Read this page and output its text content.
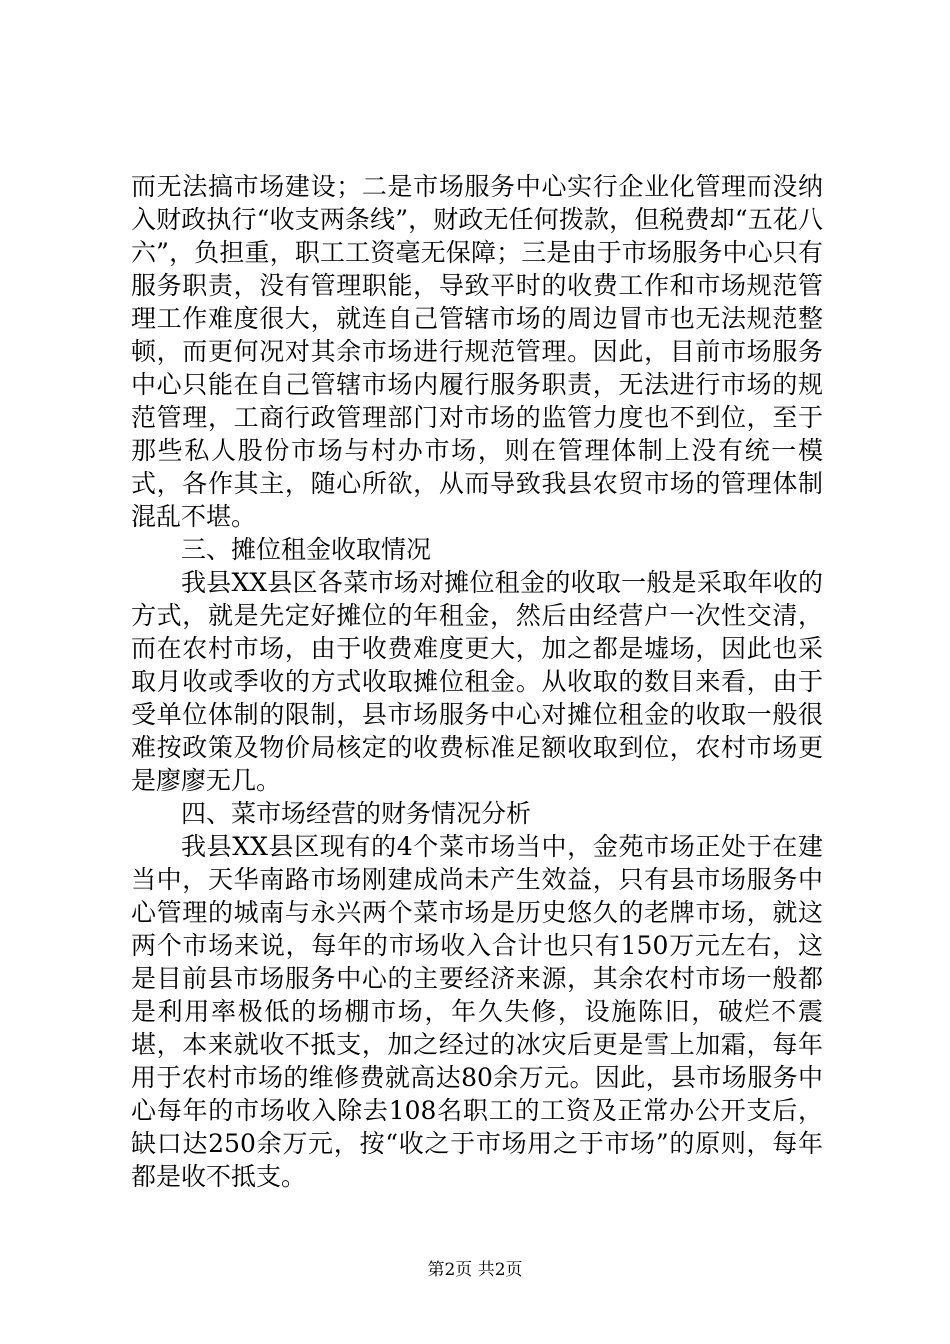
而无法搞市场建设；二是市场服务中心实行企业化管理而没纳入财政执行“收支两条线”，财政无任何拨款，但税费却“五花八六”，负担重，职工工资毫无保障；三是由于市场服务中心只有服务职责，没有管理职能，导致平时的收费工作和市场规范管理工作难度很大，就连自己管辖市场的周边冒市也无法规范整顿，而更何况对其余市场进行规范管理。因此，目前市场服务中心只能在自己管辖市场内履行服务职责，无法进行市场的规范管理，工商行政管理部门对市场的监管力度也不到位，至于那些私人股份市场与村办市场，则在管理体制上没有统一模式，各作其主，随心所欲，从而导致我县农贸市场的管理体制混乱不堪。

三、摊位租金收取情况

我县XX县区各菜市场对摊位租金的收取一般是采取年收的方式，就是先定好摊位的年租金，然后由经营户一次性交清，而在农村市场，由于收费难度更大，加之都是墟场，因此也采取月收或季收的方式收取摊位租金。从收取的数目来看，由于受单位体制的限制，县市场服务中心对摊位租金的收取一般很难按政策及物价局核定的收费标准足额收取到位，农村市场更是廖廖无几。

四、菜市场经营的财务情况分析

我县XX县区现有的4个菜市场当中，金苑市场正处于在建当中，天华南路市场刚建成尚未产生效益，只有县市场服务中心管理的城南与永兴两个菜市场是历史悠久的老牌市场，就这两个市场来说，每年的市场收入合计也只有150万元左右，这是目前县市场服务中心的主要经济来源，其余农村市场一般都是利用率极低的场棚市场，年久失修，设施陈旧，破烂不震堪，本来就收不抵支，加之经过的冰灾后更是雪上加霜，每年用于农村市场的维修费就高达80余万元。因此，县市场服务中心每年的市场收入除去108名职工的工资及正常办公开支后，缺口达250余万元，按“收之于市场用之于市场”的原则，每年都是收不抵支。

第2页 共2页
